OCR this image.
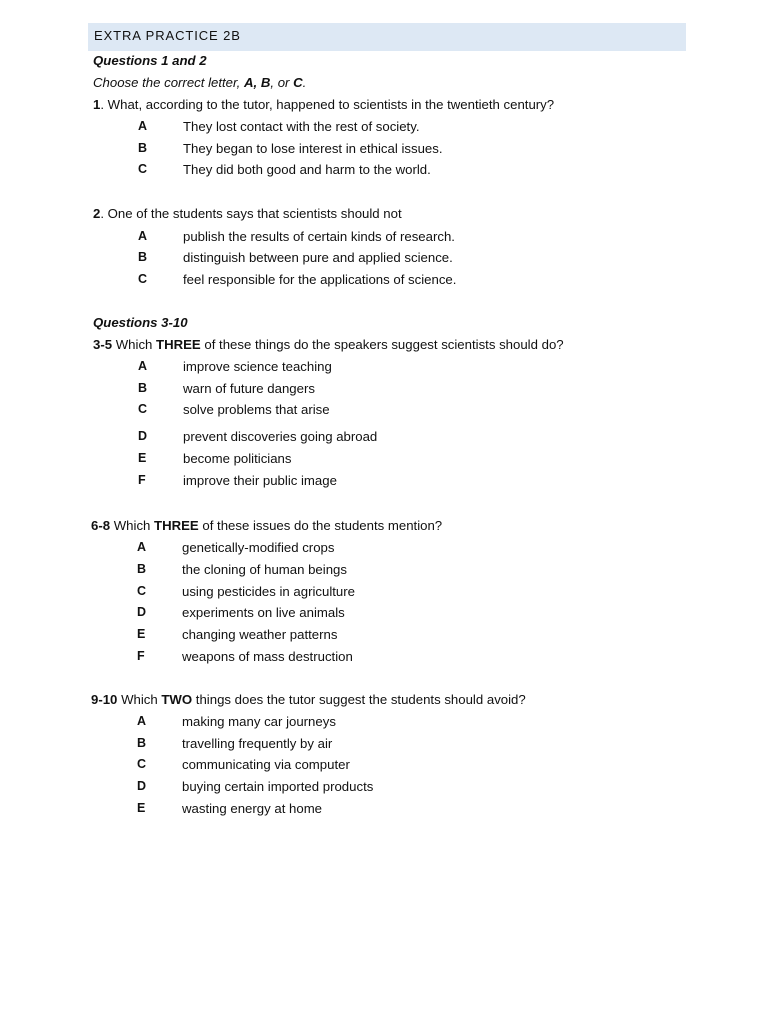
EXTRA PRACTICE 2B
Questions 1 and 2
Choose the correct letter, A, B, or C.
1. What, according to the tutor, happened to scientists in the twentieth century?
A	They lost contact with the rest of society.
B	They began to lose interest in ethical issues.
C	They did both good and harm to the world.
2. One of the students says that scientists should not
A	publish the results of certain kinds of research.
B	distinguish between pure and applied science.
C	feel responsible for the applications of science.
Questions 3-10
3-5 Which THREE of these things do the speakers suggest scientists should do?
A	improve science teaching
B	warn of future dangers
C	solve problems that arise
D	prevent discoveries going abroad
E	become politicians
F	improve their public image
6-8 Which THREE of these issues do the students mention?
A	genetically-modified crops
B	the cloning of human beings
C	using pesticides in agriculture
D	experiments on live animals
E	changing weather patterns
F	weapons of mass destruction
9-10 Which TWO things does the tutor suggest the students should avoid?
A	making many car journeys
B	travelling frequently by air
C	communicating via computer
D	buying certain imported products
E	wasting energy at home
